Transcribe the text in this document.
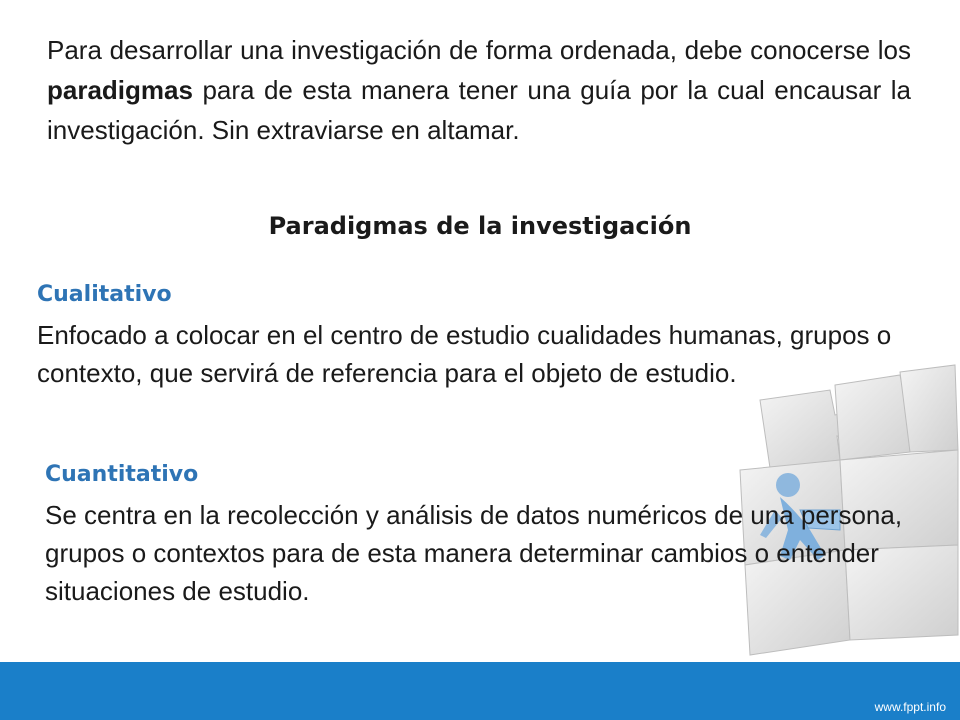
Para desarrollar una investigación de forma ordenada, debe conocerse los paradigmas para de esta manera tener una guía por la cual encausar la investigación. Sin extraviarse en altamar.
Paradigmas de la investigación
Cualitativo
Enfocado a colocar en el centro de estudio cualidades humanas, grupos o contexto, que servirá de referencia para el objeto de estudio.
Cuantitativo
Se centra en la recolección y análisis de datos numéricos de una persona, grupos o contextos para de esta manera determinar cambios o entender situaciones de estudio.
www.fppt.info
